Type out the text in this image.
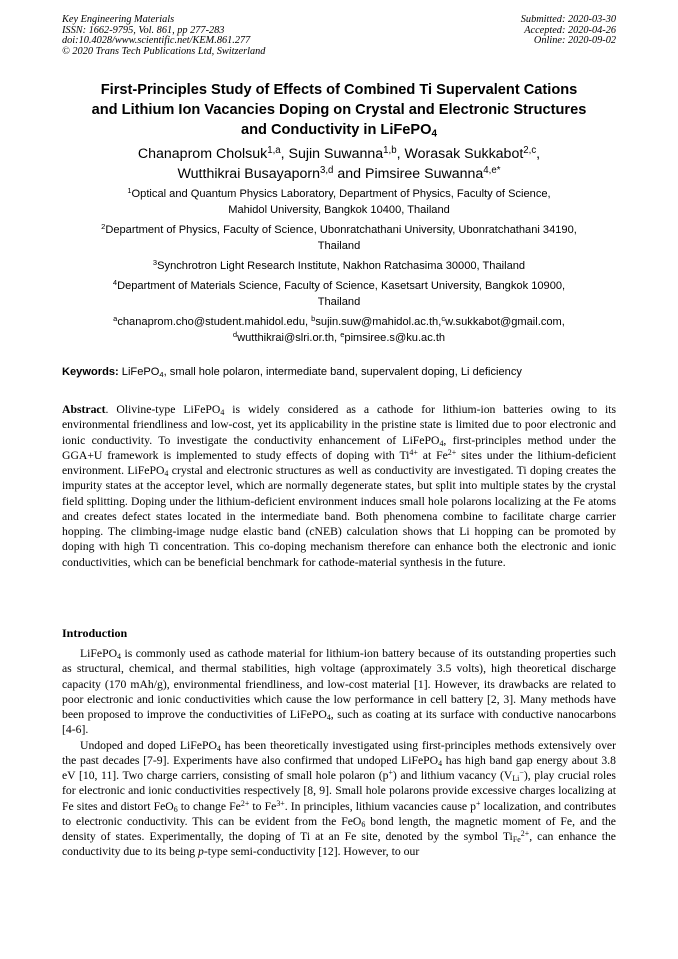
Key Engineering Materials
ISSN: 1662-9795, Vol. 861, pp 277-283
doi:10.4028/www.scientific.net/KEM.861.277
© 2020 Trans Tech Publications Ltd, Switzerland
Submitted: 2020-03-30
Accepted: 2020-04-26
Online: 2020-09-02
First-Principles Study of Effects of Combined Ti Supervalent Cations
and Lithium Ion Vacancies Doping on Crystal and Electronic Structures
and Conductivity in LiFePO$_4$
Chanaprom Cholsuk$^{1,a}$, Sujin Suwanna$^{1,b}$, Worasak Sukkabot$^{2,c}$,
Wutthikrai Busayaporn$^{3,d}$ and Pimsiree Suwanna$^{4,e*}$
$^1$Optical and Quantum Physics Laboratory, Department of Physics, Faculty of Science,
Mahidol University, Bangkok 10400, Thailand
$^2$Department of Physics, Faculty of Science, Ubonratchathani University, Ubonratchathani 34190,
Thailand
$^3$Synchrotron Light Research Institute, Nakhon Ratchasima 30000, Thailand
$^4$Department of Materials Science, Faculty of Science, Kasetsart University, Bangkok 10900,
Thailand
$^a$chanaprom.cho@student.mahidol.edu, $^b$sujin.suw@mahidol.ac.th,$^c$w.sukkabot@gmail.com,
$^d$wutthikrai@slri.or.th, $^e$pimsiree.s@ku.ac.th
Keywords: LiFePO$_4$, small hole polaron, intermediate band, supervalent doping, Li deficiency
Abstract. Olivine-type LiFePO$_4$ is widely considered as a cathode for lithium-ion batteries owing to its environmental friendliness and low-cost, yet its applicability in the pristine state is limited due to poor electronic and ionic conductivity. To investigate the conductivity enhancement of LiFePO$_4$, first-principles method under the GGA+U framework is implemented to study effects of doping with $Ti^{4+}$ at $Fe^{2+}$ sites under the lithium-deficient environment. LiFePO$_4$ crystal and electronic structures as well as conductivity are investigated. Ti doping creates the impurity states at the acceptor level, which are normally degenerate states, but split into multiple states by the crystal field splitting. Doping under the lithium-deficient environment induces small hole polarons localizing at the Fe atoms and creates defect states located in the intermediate band. Both phenomena combine to facilitate charge carrier hopping. The climbing-image nudge elastic band (cNEB) calculation shows that Li hopping can be promoted by doping with high Ti concentration. This co-doping mechanism therefore can enhance both the electronic and ionic conductivities, which can be beneficial benchmark for cathode-material synthesis in the future.
Introduction

LiFePO$_4$ is commonly used as cathode material for lithium-ion battery because of its outstanding properties such as structural, chemical, and thermal stabilities, high voltage (approximately 3.5 volts), high theoretical discharge capacity (170 mAh/g), environmental friendliness, and low-cost material [1]. However, its drawbacks are related to poor electronic and ionic conductivities which cause the low performance in cell battery [2, 3]. Many methods have been proposed to improve the conductivities of LiFePO$_4$, such as coating at its surface with conductive nanocarbons [4-6].

Undoped and doped LiFePO$_4$ has been theoretically investigated using first-principles methods extensively over the past decades [7-9]. Experiments have also confirmed that undoped LiFePO$_4$ has high band gap energy about 3.8 eV [10, 11]. Two charge carriers, consisting of small hole polaron (p+) and lithium vacancy $(V_{Li}^-)$, play crucial roles for electronic and ionic conductivities respectively [8, 9]. Small hole polarons provide excessive charges localizing at Fe sites and distort FeO$_6$ to change $Fe^{2+}$ to $Fe^{3+}$. In principles, lithium vacancies cause p+ localization, and contributes to electronic conductivity. This can be evident from the FeO$_6$ bond length, the magnetic moment of Fe, and the density of states. Experimentally, the doping of Ti at an Fe site, denoted by the symbol $Ti_{Fe}^{2+}$, can enhance the conductivity due to its being p-type semi-conductivity [12]. However, to our
